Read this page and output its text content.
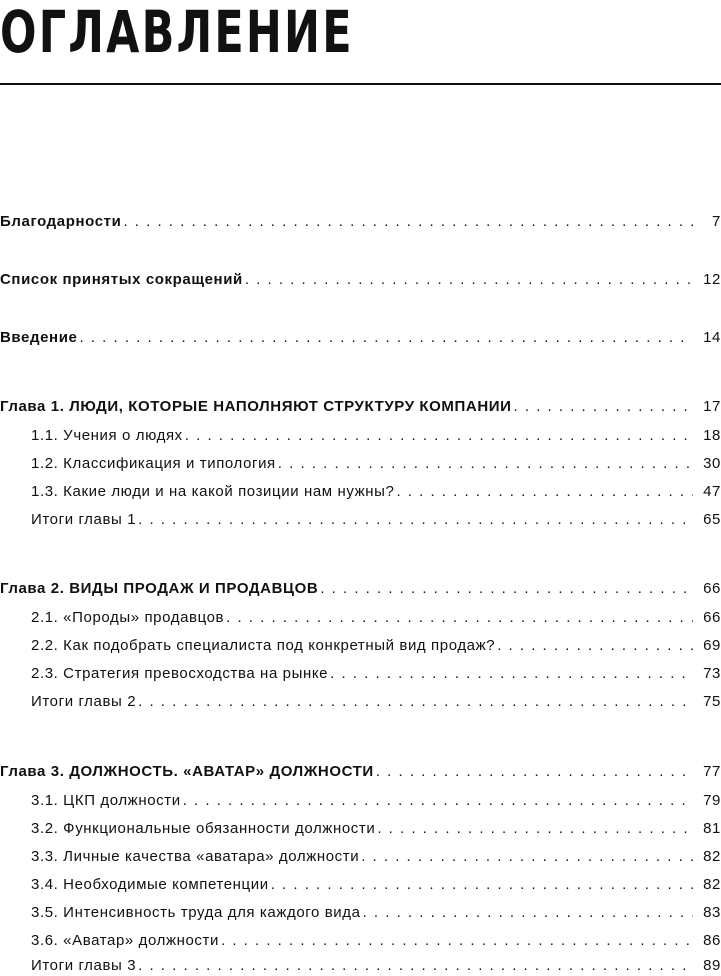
ОГЛАВЛЕНИЕ
Благодарности . . .	7
Список принятых сокращений . . .	12
Введение . . .	14
Глава 1. ЛЮДИ, КОТОРЫЕ НАПОЛНЯЮТ СТРУКТУРУ КОМПАНИИ . . .	17
1.1. Учения о людях . . .	18
1.2. Классификация и типология . . .	30
1.3. Какие люди и на какой позиции нам нужны? . . .	47
Итоги главы 1 . . .	65
Глава 2. ВИДЫ ПРОДАЖ И ПРОДАВЦОВ . . .	66
2.1. «Породы» продавцов . . .	66
2.2. Как подобрать специалиста под конкретный вид продаж? . . .	69
2.3. Стратегия превосходства на рынке . . .	73
Итоги главы 2 . . .	75
Глава 3. ДОЛЖНОСТЬ. «АВАТАР» ДОЛЖНОСТИ . . .	77
3.1. ЦКП должности . . .	79
3.2. Функциональные обязанности должности . . .	81
3.3. Личные качества «аватара» должности . . .	82
3.4. Необходимые компетенции . . .	82
3.5. Интенсивность труда для каждого вида . . .	83
3.6. «Аватар» должности . . .	86
Итоги главы 3 . . .	89
